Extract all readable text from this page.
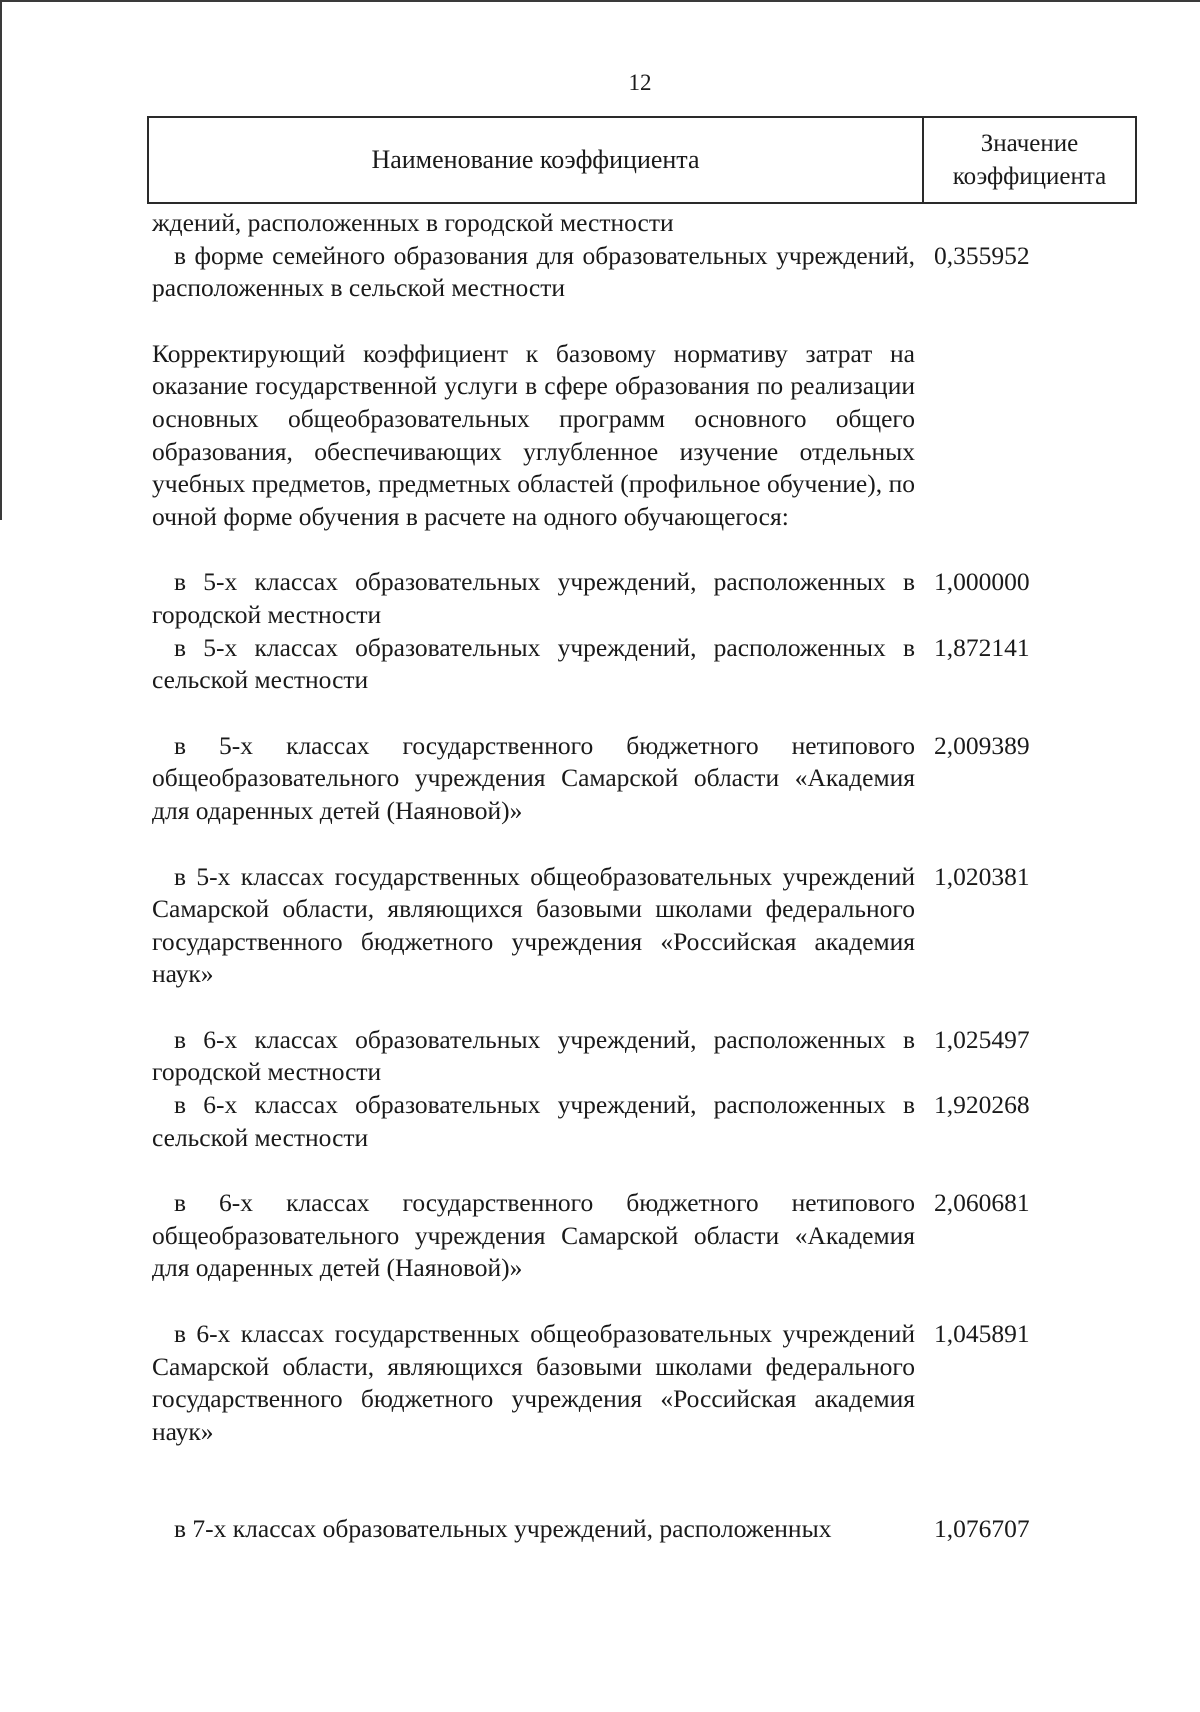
12
Наименование коэффициента
Значение
коэффициента
ждений, расположенных в городской местности
в форме семейного образования для образовательных учреждений, расположенных в сельской местности
0,355952
Корректирующий коэффициент к базовому нормативу затрат на оказание государственной услуги в сфере образования по реализации основных общеобразовательных программ основного общего образования, обеспечивающих углубленное изучение отдельных учебных предметов, предметных областей (профильное обучение), по очной форме обучения в расчете на одного обучающегося:
в 5-х классах образовательных учреждений, расположенных в городской местности
1,000000
в 5-х классах образовательных учреждений, расположенных в сельской местности
1,872141
в 5-х классах государственного бюджетного нетипового общеобразовательного учреждения Самарской области «Академия для одаренных детей (Наяновой)»
2,009389
в 5-х классах государственных общеобразовательных учреждений Самарской области, являющихся базовыми школами федерального государственного бюджетного учреждения «Российская академия наук»
1,020381
в 6-х классах образовательных учреждений, расположенных в городской местности
1,025497
в 6-х классах образовательных учреждений, расположенных в сельской местности
1,920268
в 6-х классах государственного бюджетного нетипового общеобразовательного учреждения Самарской области «Академия для одаренных детей (Наяновой)»
2,060681
в 6-х классах государственных общеобразовательных учреждений Самарской области, являющихся базовыми школами федерального государственного бюджетного учреждения «Российская академия наук»
1,045891
в 7-х классах образовательных учреждений, расположенных	1,076707
